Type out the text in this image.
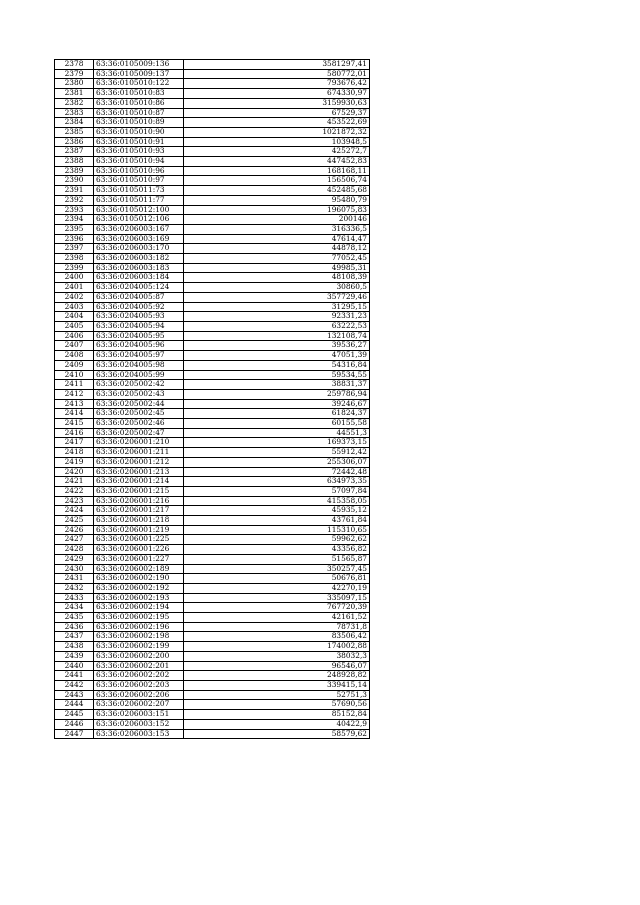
2378	63:36:0105009:136	3581297,41
2379	63:36:0105009:137	580772,01
2380	63:36:0105010:122	793676,42
2381	63:36:0105010:83	674330,97
2382	63:36:0105010:86	3159930,63
2383	63:36:0105010:87	67529,37
2384	63:36:0105010:89	453522,69
2385	63:36:0105010:90	1021872,32
2386	63:36:0105010:91	103948,5
2387	63:36:0105010:93	425272,7
2388	63:36:0105010:94	447452,83
2389	63:36:0105010:96	168168,11
2390	63:36:0105010:97	156506,74
2391	63:36:0105011:73	452485,68
2392	63:36:0105011:77	95480,79
2393	63:36:0105012:100	196075,83
2394	63:36:0105012:106	200146
2395	63:36:0206003:167	316336,5
2396	63:36:0206003:169	47614,47
2397	63:36:0206003:170	44878,12
2398	63:36:0206003:182	77052,45
2399	63:36:0206003:183	49985,31
2400	63:36:0206003:184	48108,39
2401	63:36:0204005:124	30860,5
2402	63:36:0204005:87	357729,46
2403	63:36:0204005:92	31295,15
2404	63:36:0204005:93	92331,23
2405	63:36:0204005:94	63222,53
2406	63:36:0204005:95	132108,74
2407	63:36:0204005:96	39536,27
2408	63:36:0204005:97	47051,39
2409	63:36:0204005:98	54316,84
2410	63:36:0204005:99	59534,55
2411	63:36:0205002:42	38831,37
2412	63:36:0205002:43	259786,94
2413	63:36:0205002:44	39246,67
2414	63:36:0205002:45	61824,37
2415	63:36:0205002:46	60155,58
2416	63:36:0205002:47	44551,3
2417	63:36:0206001:210	169373,15
2418	63:36:0206001:211	55912,42
2419	63:36:0206001:212	255306,07
2420	63:36:0206001:213	72442,48
2421	63:36:0206001:214	634973,35
2422	63:36:0206001:215	57097,84
2423	63:36:0206001:216	415358,05
2424	63:36:0206001:217	45935,12
2425	63:36:0206001:218	43761,84
2426	63:36:0206001:219	115310,65
2427	63:36:0206001:225	59962,62
2428	63:36:0206001:226	43356,82
2429	63:36:0206001:227	51565,87
2430	63:36:0206002:189	350257,45
2431	63:36:0206002:190	50676,81
2432	63:36:0206002:192	42270,19
2433	63:36:0206002:193	335097,15
2434	63:36:0206002:194	767720,39
2435	63:36:0206002:195	42161,52
2436	63:36:0206002:196	78731,8
2437	63:36:0206002:198	83506,42
2438	63:36:0206002:199	174002,88
2439	63:36:0206002:200	38032,3
2440	63:36:0206002:201	96546,07
2441	63:36:0206002:202	248928,82
2442	63:36:0206002:203	339415,14
2443	63:36:0206002:206	52751,3
2444	63:36:0206002:207	57690,56
2445	63:36:0206003:151	85152,84
2446	63:36:0206003:152	40422,9
2447	63:36:0206003:153	58579,62
